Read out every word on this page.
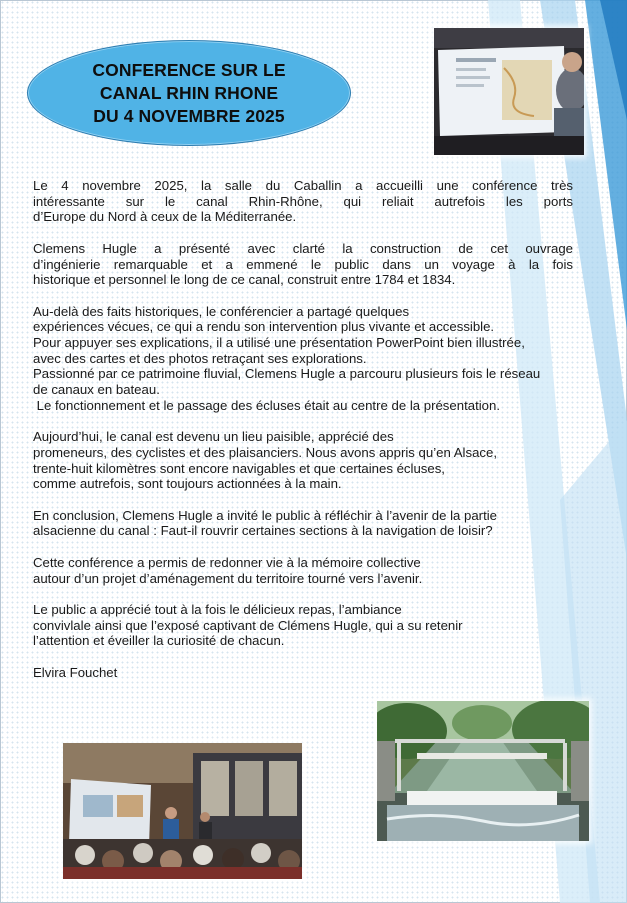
CONFERENCE SUR LE
CANAL RHIN RHONE
DU 4 NOVEMBRE 2025

Le 4 novembre 2025, la salle du Caballin a accueilli une conférence très
intéressante sur le canal Rhin-Rhône, qui reliait autrefois les ports
d’Europe du Nord à ceux de la Méditerranée.

Clemens Hugle a présenté avec clarté la construction de cet ouvrage
d’ingénierie remarquable et a emmené le public dans un voyage à la fois
historique et personnel le long de ce canal, construit entre 1784 et 1834.

Au-delà des faits historiques, le conférencier a partagé quelques
expériences vécues, ce qui a rendu son intervention plus vivante et accessible.
Pour appuyer ses explications, il a utilisé une présentation PowerPoint bien illustrée,
avec des cartes et des photos retraçant ses explorations.
Passionné par ce patrimoine fluvial, Clemens Hugle a parcouru plusieurs fois le réseau
de canaux en bateau.
Le fonctionnement et le passage des écluses était au centre de la présentation.

Aujourd’hui, le canal est devenu un lieu paisible, apprécié des
promeneurs, des cyclistes et des plaisanciers. Nous avons appris qu’en Alsace,
trente-huit kilomètres sont encore navigables et que certaines écluses,
comme autrefois, sont toujours actionnées à la main.

En conclusion, Clemens Hugle a invité le public à réfléchir à l’avenir de la partie
alsacienne du canal : Faut-il rouvrir certaines sections à la navigation de loisir?

Cette conférence a permis de redonner vie à la mémoire collective
autour d’un projet d’aménagement du territoire tourné vers l’avenir.

Le public a apprécié tout à la fois le délicieux repas, l’ambiance
convivlale ainsi que l’exposé captivant de Clémens Hugle, qui a su retenir
l’attention et éveiller la curiosité de chacun.

Elvira Fouchet
